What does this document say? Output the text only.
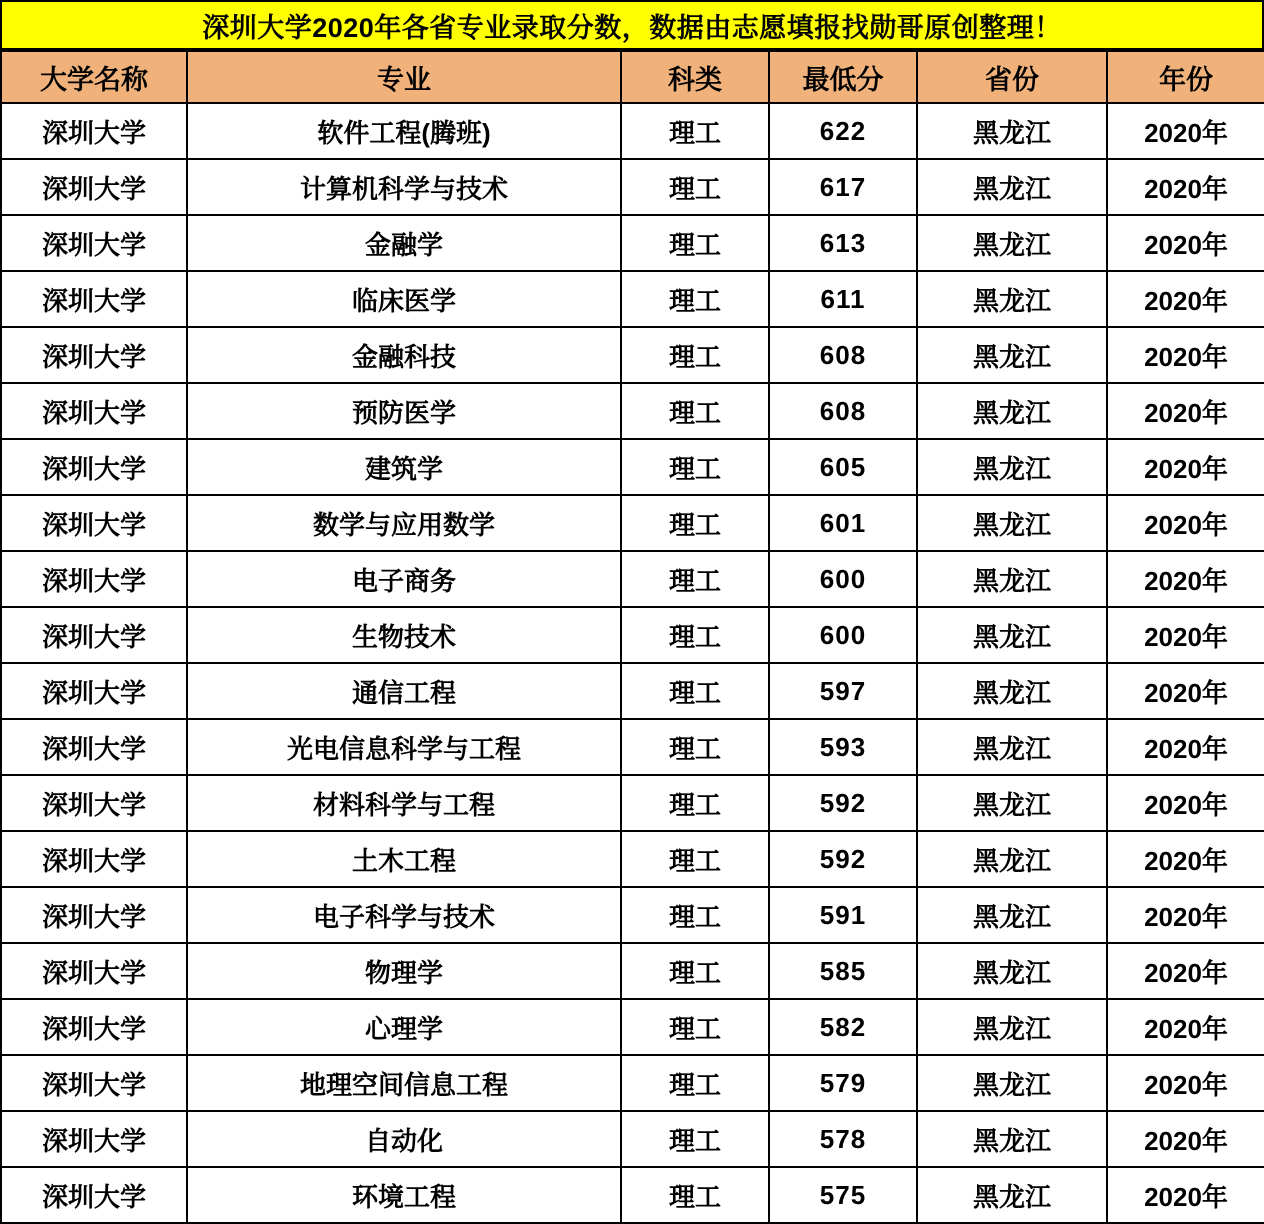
深圳大学2020年各省专业录取分数，数据由志愿填报找勋哥原创整理！
大学名称	专业	科类	最低分	省份	年份
深圳大学	软件工程(腾班)	理工	622	黑龙江	2020年
深圳大学	计算机科学与技术	理工	617	黑龙江	2020年
深圳大学	金融学	理工	613	黑龙江	2020年
深圳大学	临床医学	理工	611	黑龙江	2020年
深圳大学	金融科技	理工	608	黑龙江	2020年
深圳大学	预防医学	理工	608	黑龙江	2020年
深圳大学	建筑学	理工	605	黑龙江	2020年
深圳大学	数学与应用数学	理工	601	黑龙江	2020年
深圳大学	电子商务	理工	600	黑龙江	2020年
深圳大学	生物技术	理工	600	黑龙江	2020年
深圳大学	通信工程	理工	597	黑龙江	2020年
深圳大学	光电信息科学与工程	理工	593	黑龙江	2020年
深圳大学	材料科学与工程	理工	592	黑龙江	2020年
深圳大学	土木工程	理工	592	黑龙江	2020年
深圳大学	电子科学与技术	理工	591	黑龙江	2020年
深圳大学	物理学	理工	585	黑龙江	2020年
深圳大学	心理学	理工	582	黑龙江	2020年
深圳大学	地理空间信息工程	理工	579	黑龙江	2020年
深圳大学	自动化	理工	578	黑龙江	2020年
深圳大学	环境工程	理工	575	黑龙江	2020年
